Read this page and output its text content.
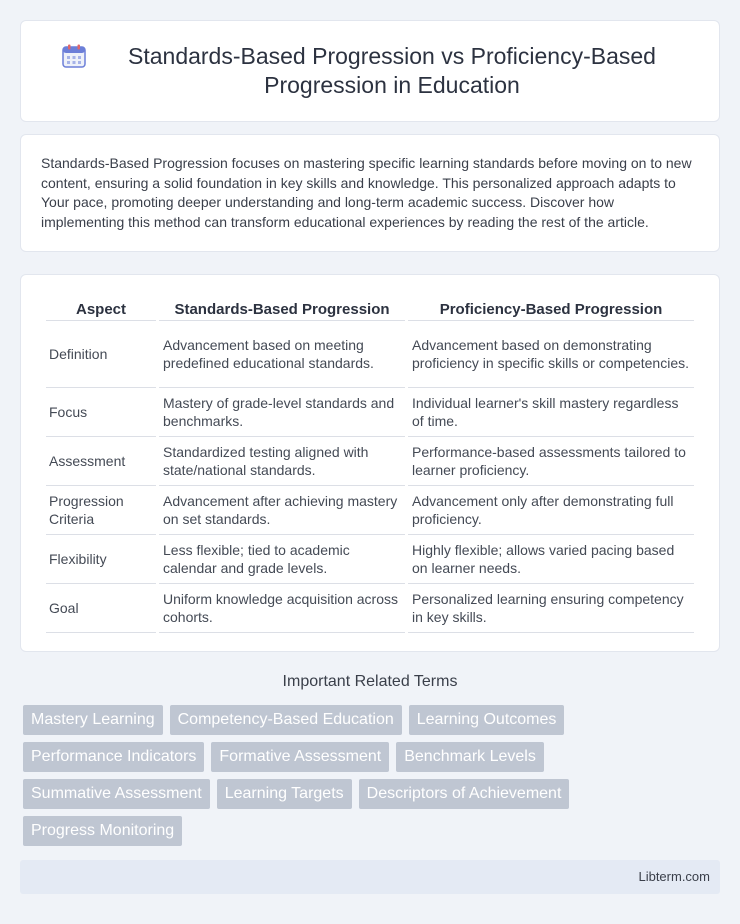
Standards-Based Progression vs Proficiency-Based Progression in Education

Standards-Based Progression focuses on mastering specific learning standards before moving on to new content, ensuring a solid foundation in key skills and knowledge. This personalized approach adapts to Your pace, promoting deeper understanding and long-term academic success. Discover how implementing this method can transform educational experiences by reading the rest of the article.

Aspect	Standards-Based Progression	Proficiency-Based Progression
Definition	Advancement based on meeting predefined educational standards.	Advancement based on demonstrating proficiency in specific skills or competencies.
Focus	Mastery of grade-level standards and benchmarks.	Individual learner's skill mastery regardless of time.
Assessment	Standardized testing aligned with state/national standards.	Performance-based assessments tailored to learner proficiency.
Progression Criteria	Advancement after achieving mastery on set standards.	Advancement only after demonstrating full proficiency.
Flexibility	Less flexible; tied to academic calendar and grade levels.	Highly flexible; allows varied pacing based on learner needs.
Goal	Uniform knowledge acquisition across cohorts.	Personalized learning ensuring competency in key skills.
Important Related Terms
Mastery Learning	Competency-Based Education	Learning Outcomes
Performance Indicators	Formative Assessment	Benchmark Levels
Summative Assessment	Learning Targets	Descriptors of Achievement
Progress Monitoring
Libterm.com
